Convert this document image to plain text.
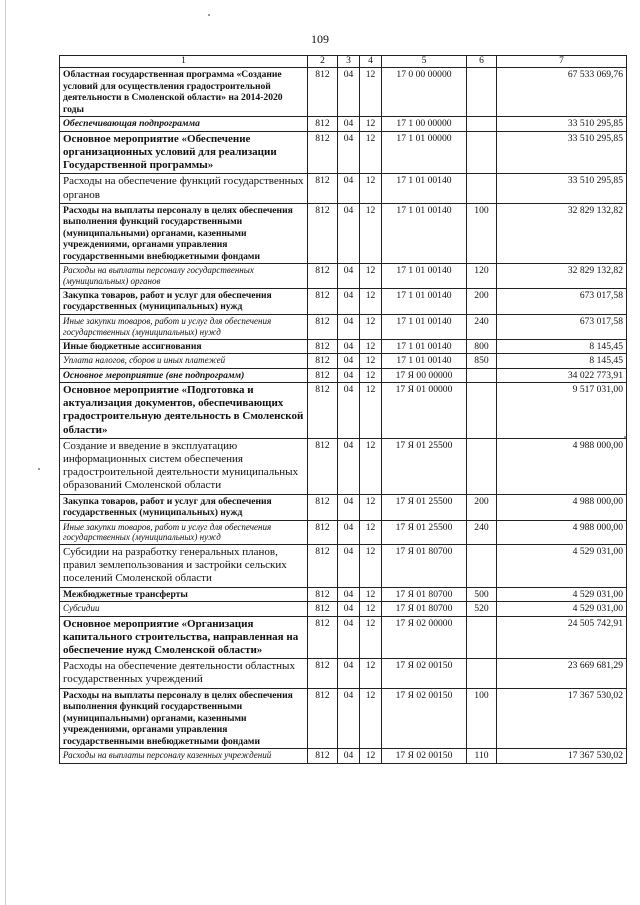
109
1	2	3	4	5	6	7
Областная государственная программа «Создание условий для осуществления градостроительной деятельности в Смоленской области» на 2014-2020 годы	812	04	12	17 0 00 00000		67 533 069,76
Обеспечивающая подпрограмма	812	04	12	17 1 00 00000		33 510 295,85
Основное мероприятие «Обеспечение организационных условий для реализации Государственной программы»	812	04	12	17 1 01 00000		33 510 295,85
Расходы на обеспечение функций государственных органов	812	04	12	17 1 01 00140		33 510 295,85
Расходы на выплаты персоналу в целях обеспечения выполнения функций государственными (муниципальными) органами, казенными учреждениями, органами управления государственными внебюджетными фондами	812	04	12	17 1 01 00140	100	32 829 132,82
Расходы на выплаты персоналу государственных (муниципальных) органов	812	04	12	17 1 01 00140	120	32 829 132,82
Закупка товаров, работ и услуг для обеспечения государственных (муниципальных) нужд	812	04	12	17 1 01 00140	200	673 017,58
Иные закупки товаров, работ и услуг для обеспечения государственных (муниципальных) нужд	812	04	12	17 1 01 00140	240	673 017,58
Иные бюджетные ассигнования	812	04	12	17 1 01 00140	800	8 145,45
Уплата налогов, сборов и иных платежей	812	04	12	17 1 01 00140	850	8 145,45
Основное мероприятие (вне подпрограмм)	812	04	12	17 Я 00 00000		34 022 773,91
Основное мероприятие «Подготовка и актуализация документов, обеспечивающих градостроительную деятельность в Смоленской области»	812	04	12	17 Я 01 00000		9 517 031,00
Создание и введение в эксплуатацию информационных систем обеспечения градостроительной деятельности муниципальных образований Смоленской области	812	04	12	17 Я 01 25500		4 988 000,00
Закупка товаров, работ и услуг для обеспечения государственных (муниципальных) нужд	812	04	12	17 Я 01 25500	200	4 988 000,00
Иные закупки товаров, работ и услуг для обеспечения государственных (муниципальных) нужд	812	04	12	17 Я 01 25500	240	4 988 000,00
Субсидии на разработку генеральных планов, правил землепользования и застройки сельских поселений Смоленской области	812	04	12	17 Я 01 80700		4 529 031,00
Межбюджетные трансферты	812	04	12	17 Я 01 80700	500	4 529 031,00
Субсидии	812	04	12	17 Я 01 80700	520	4 529 031,00
Основное мероприятие «Организация капитального строительства, направленная на обеспечение нужд Смоленской области»	812	04	12	17 Я 02 00000		24 505 742,91
Расходы на обеспечение деятельности областных государственных учреждений	812	04	12	17 Я 02 00150		23 669 681,29
Расходы на выплаты персоналу в целях обеспечения выполнения функций государственными (муниципальными) органами, казенными учреждениями, органами управления государственными внебюджетными фондами	812	04	12	17 Я 02 00150	100	17 367 530,02
Расходы на выплаты персоналу казенных учреждений	812	04	12	17 Я 02 00150	110	17 367 530,02
